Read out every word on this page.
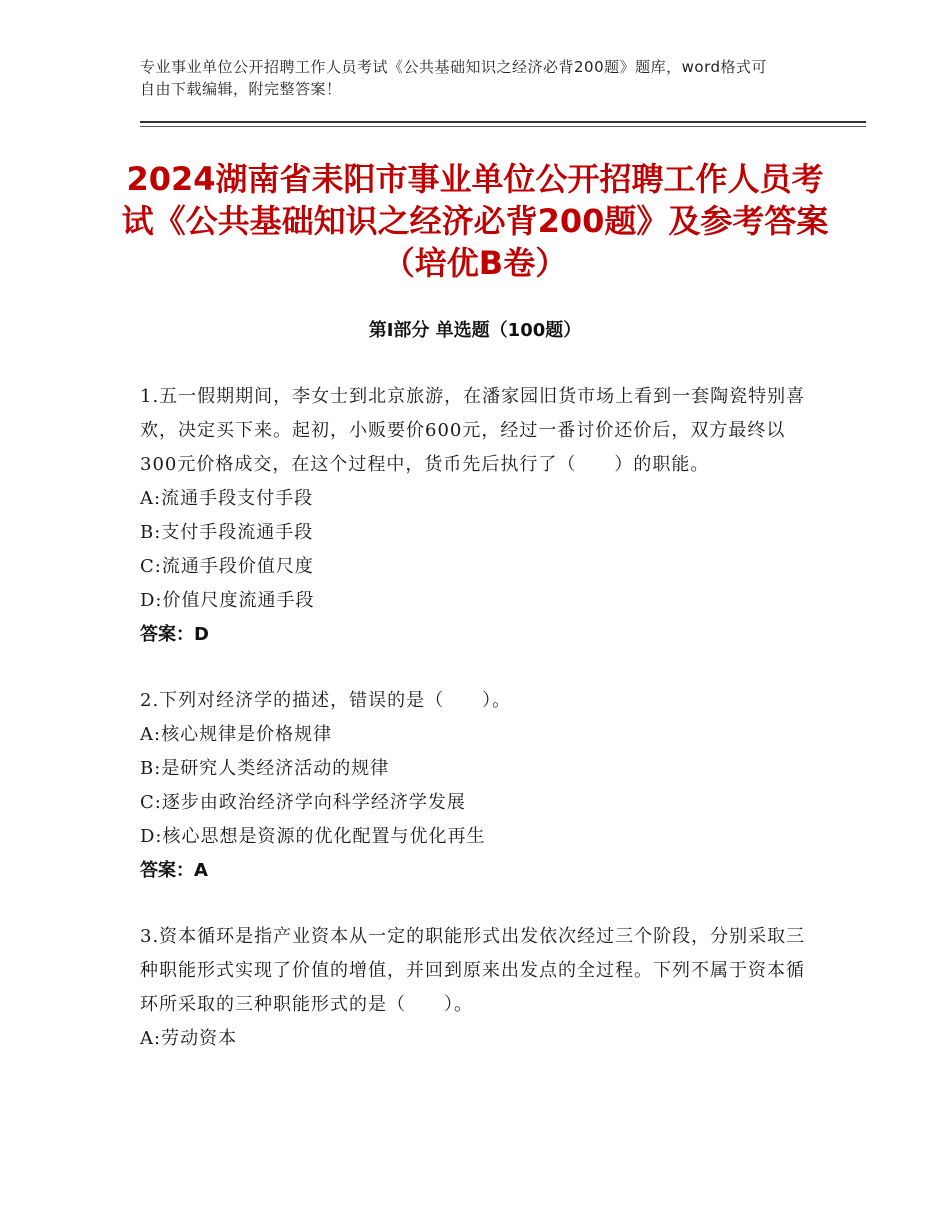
专业事业单位公开招聘工作人员考试《公共基础知识之经济必背200题》题库，word格式可自由下载编辑，附完整答案！
2024湖南省耒阳市事业单位公开招聘工作人员考试《公共基础知识之经济必背200题》及参考答案（培优B卷）
第I部分 单选题（100题）
1.五一假期期间，李女士到北京旅游，在潘家园旧货市场上看到一套陶瓷特别喜欢，决定买下来。起初，小贩要价600元，经过一番讨价还价后，双方最终以300元价格成交，在这个过程中，货币先后执行了（　　）的职能。
A:流通手段支付手段
B:支付手段流通手段
C:流通手段价值尺度
D:价值尺度流通手段
答案：D
2.下列对经济学的描述，错误的是（　　）。
A:核心规律是价格规律
B:是研究人类经济活动的规律
C:逐步由政治经济学向科学经济学发展
D:核心思想是资源的优化配置与优化再生
答案：A
3.资本循环是指产业资本从一定的职能形式出发依次经过三个阶段，分别采取三种职能形式实现了价值的增值，并回到原来出发点的全过程。下列不属于资本循环所采取的三种职能形式的是（　　）。
A:劳动资本
